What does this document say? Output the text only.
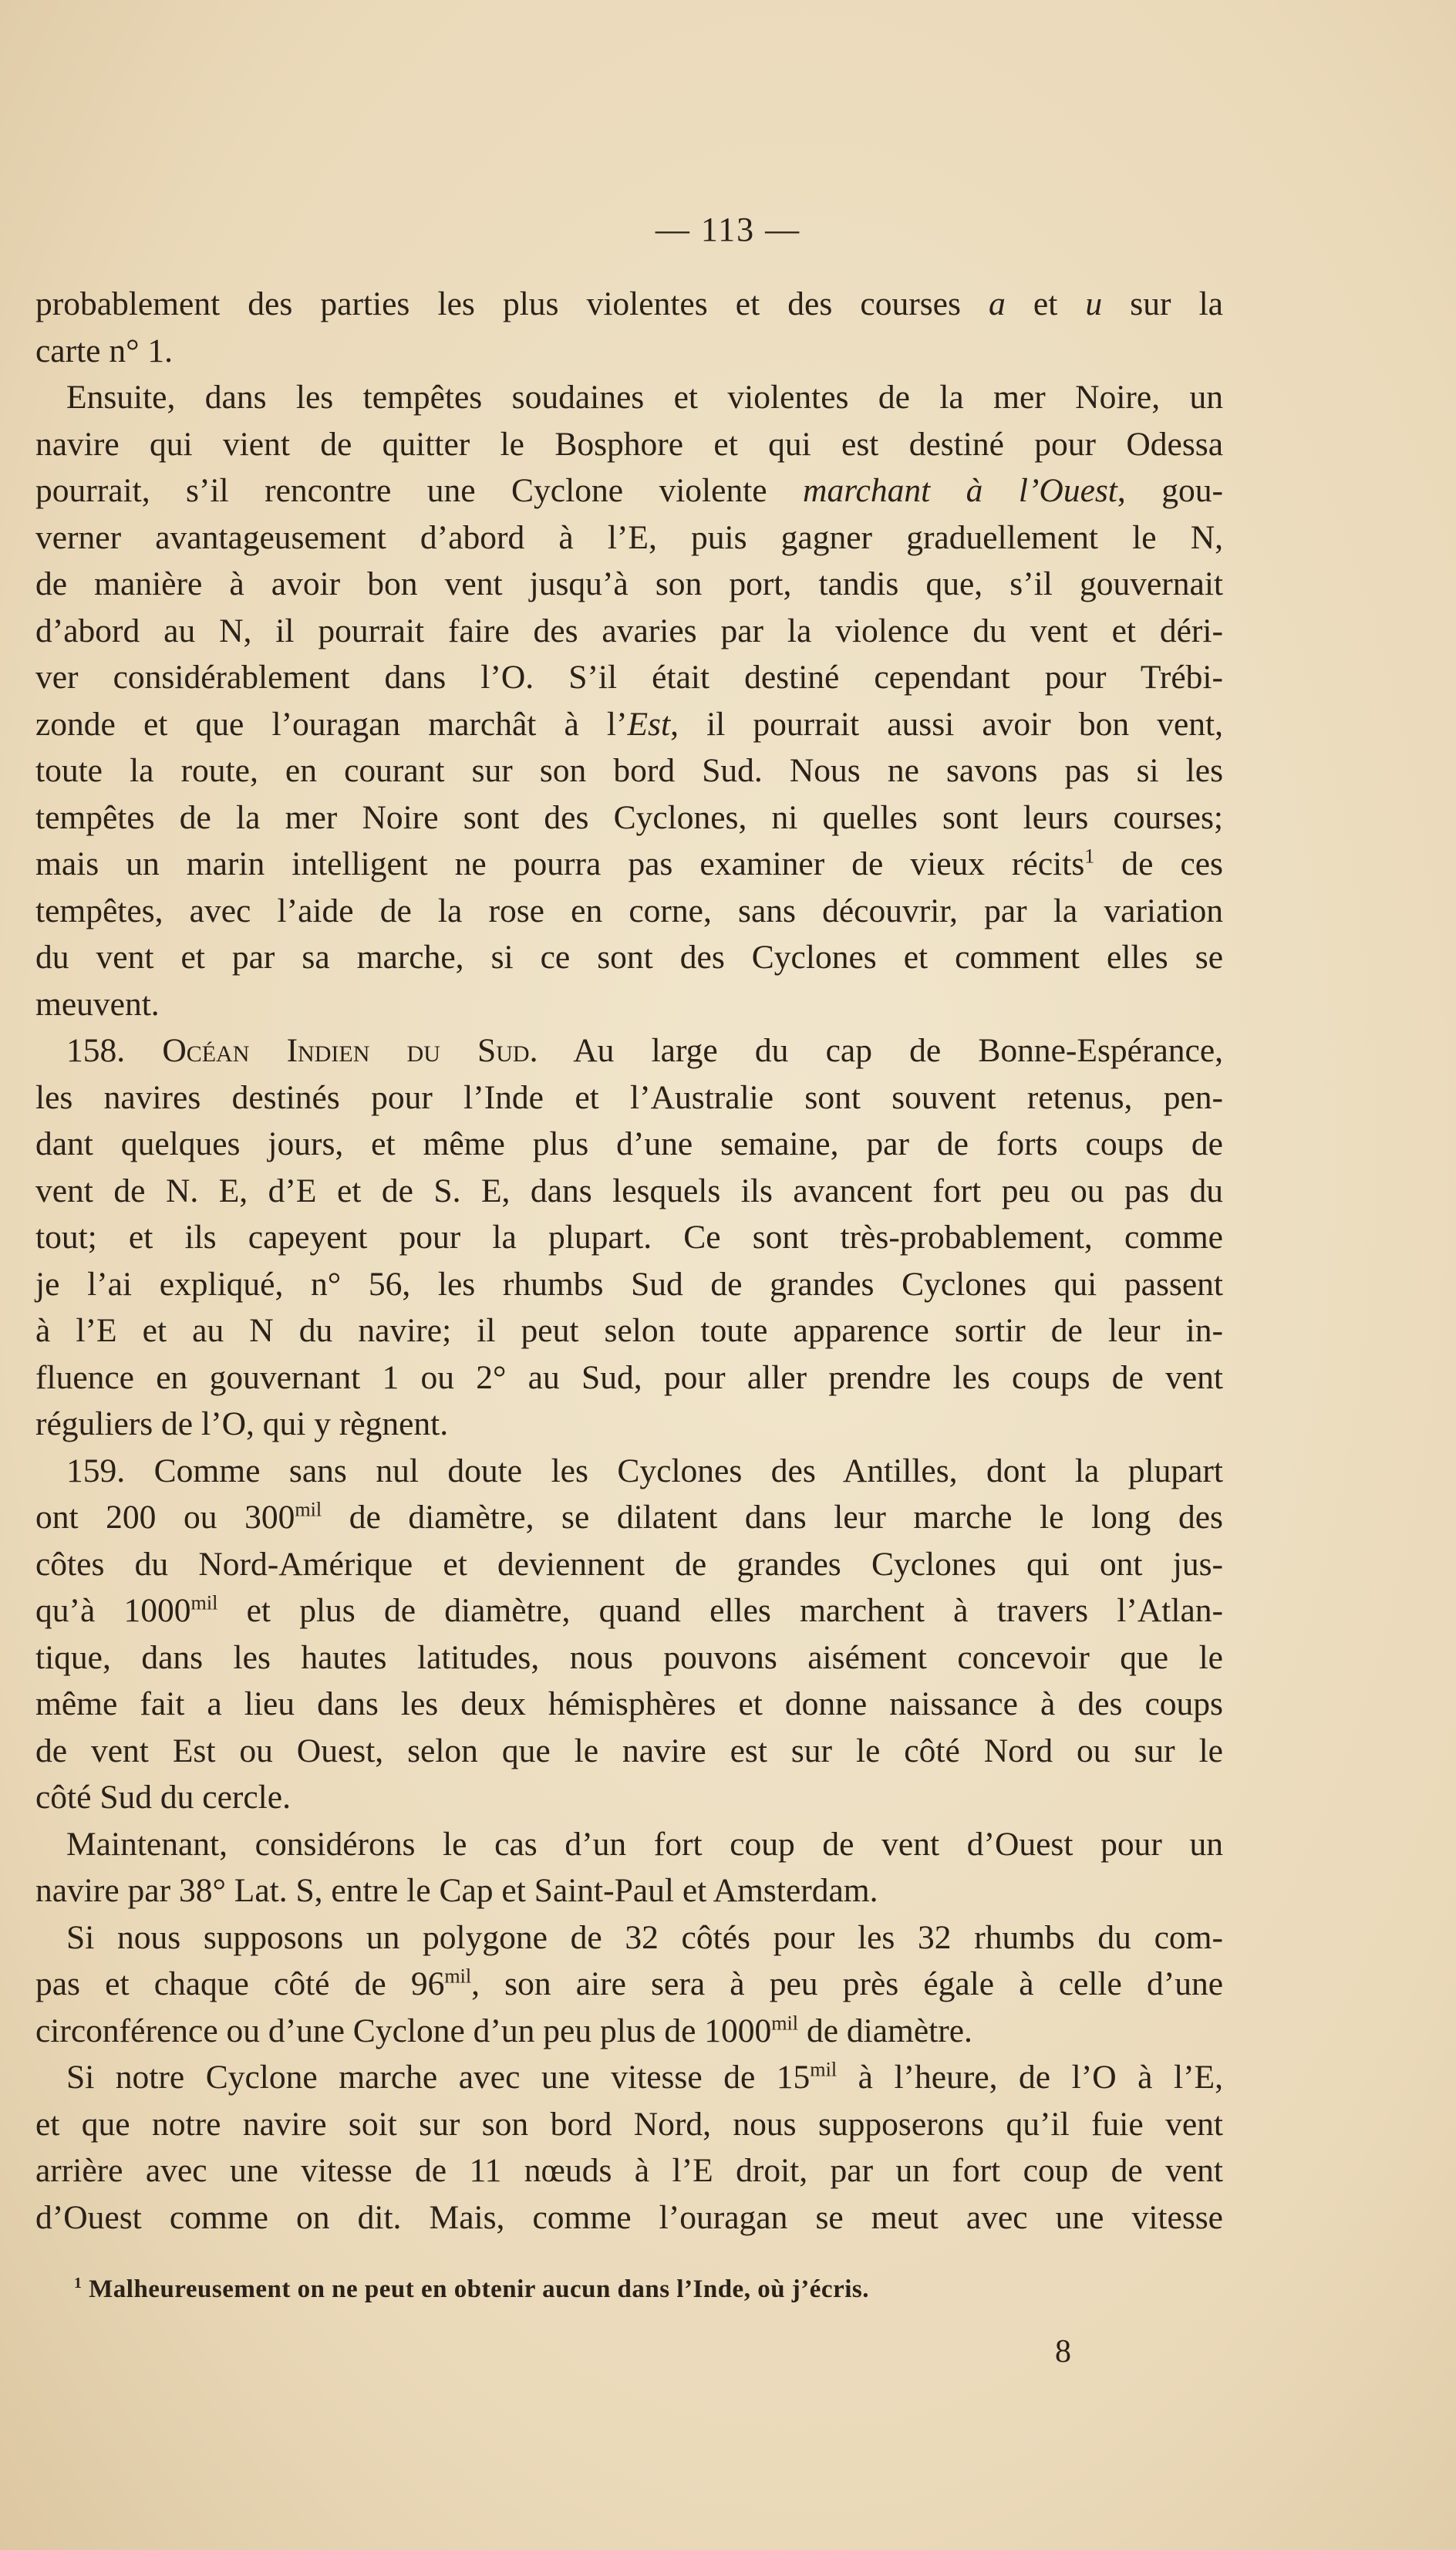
— 113 —
probablement des parties les plus violentes et des courses a et u sur la
carte n° 1.
Ensuite, dans les tempêtes soudaines et violentes de la mer Noire, un
navire qui vient de quitter le Bosphore et qui est destiné pour Odessa
pourrait, s’il rencontre une Cyclone violente marchant à l’Ouest, gou-
verner avantageusement d’abord à l’E, puis gagner graduellement le N,
de manière à avoir bon vent jusqu’à son port, tandis que, s’il gouvernait
d’abord au N, il pourrait faire des avaries par la violence du vent et déri-
ver considérablement dans l’O. S’il était destiné cependant pour Trébi-
zonde et que l’ouragan marchât à l’Est, il pourrait aussi avoir bon vent,
toute la route, en courant sur son bord Sud. Nous ne savons pas si les
tempêtes de la mer Noire sont des Cyclones, ni quelles sont leurs courses;
mais un marin intelligent ne pourra pas examiner de vieux récits$^1$ de ces
tempêtes, avec l’aide de la rose en corne, sans découvrir, par la variation
du vent et par sa marche, si ce sont des Cyclones et comment elles se
meuvent.
158. Océan Indien du Sud. Au large du cap de Bonne-Espérance,
les navires destinés pour l’Inde et l’Australie sont souvent retenus, pen-
dant quelques jours, et même plus d’une semaine, par de forts coups de
vent de N. E, d’E et de S. E, dans lesquels ils avancent fort peu ou pas du
tout; et ils capeyent pour la plupart. Ce sont très-probablement, comme
je l’ai expliqué, n° 56, les rhumbs Sud de grandes Cyclones qui passent
à l’E et au N du navire; il peut selon toute apparence sortir de leur in-
fluence en gouvernant 1 ou 2° au Sud, pour aller prendre les coups de vent
réguliers de l’O, qui y règnent.
159. Comme sans nul doute les Cyclones des Antilles, dont la plupart
ont 200 ou $300^{mil}$ de diamètre, se dilatent dans leur marche le long des
côtes du Nord-Amérique et deviennent de grandes Cyclones qui ont jus-
qu’à $1000^{mil}$ et plus de diamètre, quand elles marchent à travers l’Atlan-
tique, dans les hautes latitudes, nous pouvons aisément concevoir que le
même fait a lieu dans les deux hémisphères et donne naissance à des coups
de vent Est ou Ouest, selon que le navire est sur le côté Nord ou sur le
côté Sud du cercle.
Maintenant, considérons le cas d’un fort coup de vent d’Ouest pour un
navire par 38° Lat. S, entre le Cap et Saint-Paul et Amsterdam.
Si nous supposons un polygone de 32 côtés pour les 32 rhumbs du com-
pas et chaque côté de $96^{mil}$, son aire sera à peu près égale à celle d’une
circonférence ou d’une Cyclone d’un peu plus de $1000^{mil}$ de diamètre.
Si notre Cyclone marche avec une vitesse de $15^{mil}$ à l’heure, de l’O à l’E,
et que notre navire soit sur son bord Nord, nous supposerons qu’il fuie vent
arrière avec une vitesse de 11 nœuds à l’E droit, par un fort coup de vent
d’Ouest comme on dit. Mais, comme l’ouragan se meut avec une vitesse
$^1$ Malheureusement on ne peut en obtenir aucun dans l’Inde, où j’écris.
8
